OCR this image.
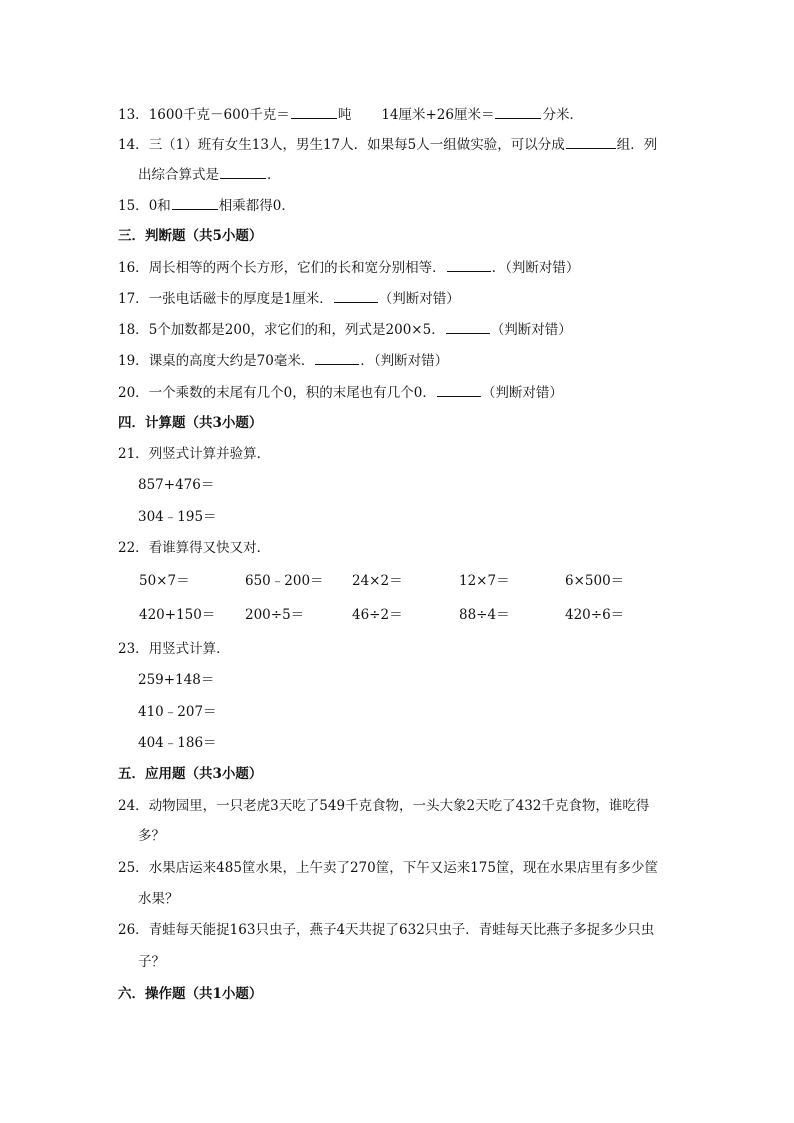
13．1600千克－600千克＝	吨 14厘米+26厘米＝	分米．
14．三（1）班有女生13人，男生17人．如果每5人一组做实验，可以分成	组．列
出综合算式是	．
15．0和	相乘都得0．
三．判断题（共5小题）
16．周长相等的两个长方形，它们的长和宽分别相等．	．（判断对错）
17．一张电话磁卡的厚度是1厘米．	（判断对错）
18．5个加数都是200，求它们的和，列式是200×5．	（判断对错）
19．课桌的高度大约是70毫米．	．（判断对错）
20．一个乘数的末尾有几个0，积的末尾也有几个0．	（判断对错）
四．计算题（共3小题）
21．列竖式计算并验算．
857+476＝
304﹣195＝
22．看谁算得又快又对．
50×7＝	650﹣200＝ 24×2＝	12×7＝	6×500＝
420+150＝ 200÷5＝	46÷2＝	88÷4＝	420÷6＝
23．用竖式计算．
259+148＝
410﹣207＝
404﹣186＝
五．应用题（共3小题）
24．动物园里，一只老虎3天吃了549千克食物，一头大象2天吃了432千克食物，谁吃得
多？
25．水果店运来485筐水果，上午卖了270筐，下午又运来175筐，现在水果店里有多少筐
水果？
26．青蛙每天能捉163只虫子，燕子4天共捉了632只虫子．青蛙每天比燕子多捉多少只虫
子？
六．操作题（共1小题）
